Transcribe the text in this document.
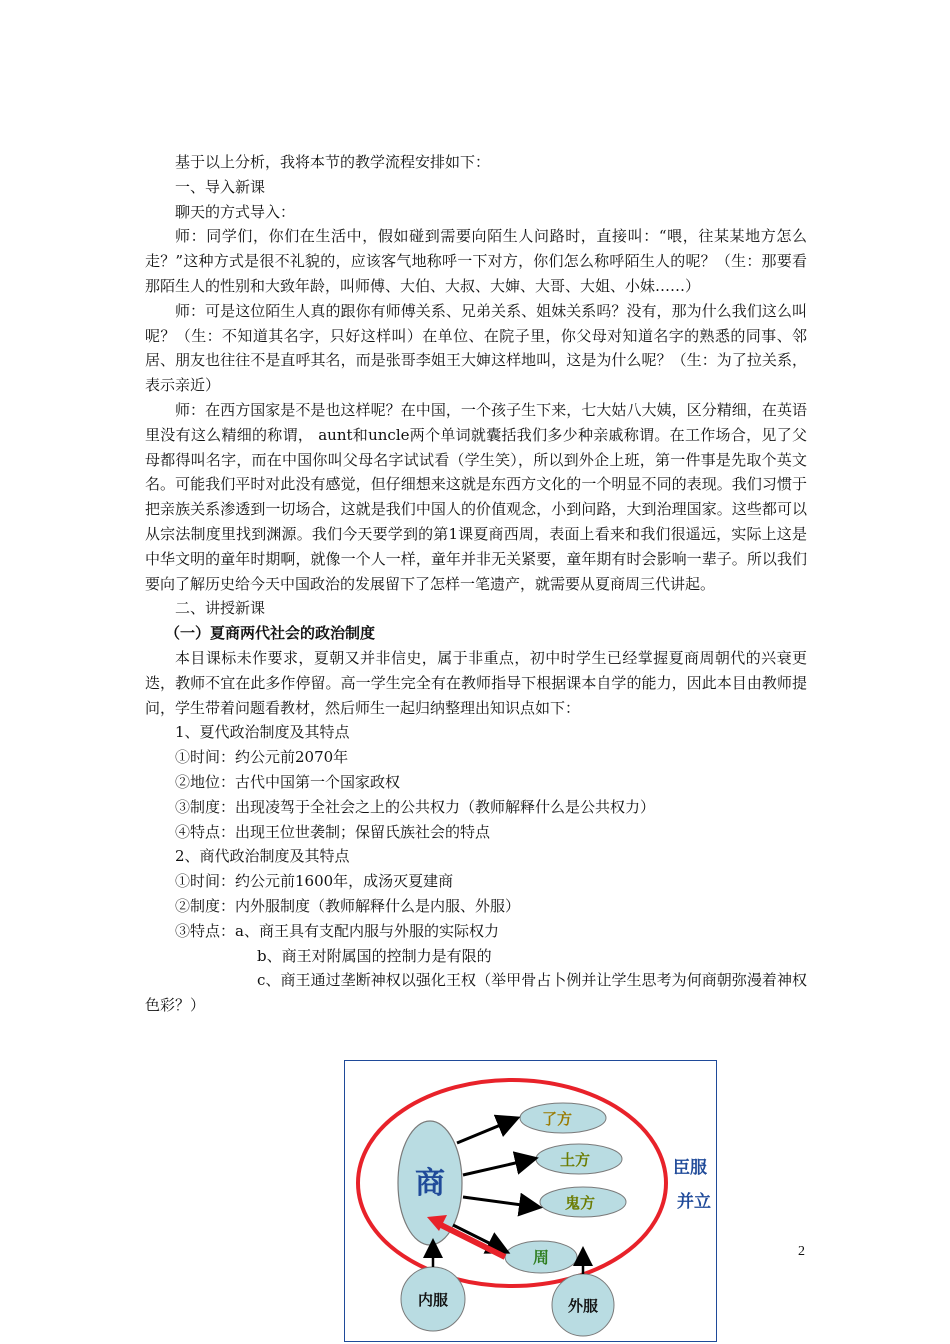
基于以上分析，我将本节的教学流程安排如下：

一、导入新课

聊天的方式导入：

师：同学们，你们在生活中，假如碰到需要向陌生人问路时，直接叫：“喂，往某某地方怎么走？”这种方式是很不礼貌的，应该客气地称呼一下对方，你们怎么称呼陌生人的呢？（生：那要看那陌生人的性别和大致年龄，叫师傅、大伯、大叔、大婶、大哥、大姐、小妹……）

师：可是这位陌生人真的跟你有师傅关系、兄弟关系、姐妹关系吗？没有，那为什么我们这么叫呢？（生：不知道其名字，只好这样叫）在单位、在院子里，你父母对知道名字的熟悉的同事、邻居、朋友也往往不是直呼其名，而是张哥李姐王大婶这样地叫，这是为什么呢？（生：为了拉关系，表示亲近）

师：在西方国家是不是也这样呢？在中国，一个孩子生下来，七大姑八大姨，区分精细，在英语里没有这么精细的称谓， aunt和uncle两个单词就囊括我们多少种亲戚称谓。在工作场合，见了父母都得叫名字，而在中国你叫父母名字试试看（学生笑），所以到外企上班，第一件事是先取个英文名。可能我们平时对此没有感觉，但仔细想来这就是东西方文化的一个明显不同的表现。我们习惯于把亲族关系渗透到一切场合，这就是我们中国人的价值观念，小到问路，大到治理国家。这些都可以从宗法制度里找到渊源。我们今天要学到的第1课夏商西周，表面上看来和我们很遥远，实际上这是中华文明的童年时期啊，就像一个人一样，童年并非无关紧要，童年期有时会影响一辈子。所以我们要向了解历史给今天中国政治的发展留下了怎样一笔遗产，就需要从夏商周三代讲起。

二、讲授新课

（一）夏商两代社会的政治制度

本目课标未作要求，夏朝又并非信史，属于非重点，初中时学生已经掌握夏商周朝代的兴衰更迭，教师不宜在此多作停留。高一学生完全有在教师指导下根据课本自学的能力，因此本目由教师提问，学生带着问题看教材，然后师生一起归纳整理出知识点如下：

1、夏代政治制度及其特点

①时间：约公元前2070年

②地位：古代中国第一个国家政权

③制度：出现凌驾于全社会之上的公共权力（教师解释什么是公共权力）

④特点：出现王位世袭制；保留氏族社会的特点

2、商代政治制度及其特点

①时间：约公元前1600年，成汤灭夏建商

②制度：内外服制度（教师解释什么是内服、外服）

③特点：a、商王具有支配内服与外服的实际权力

b、商王对附属国的控制力是有限的

c、商王通过垄断神权以强化王权（举甲骨占卜例并让学生思考为何商朝弥漫着神权色彩？）

2
商
了方
土方
鬼方
周
内服	外服
臣服
并立
